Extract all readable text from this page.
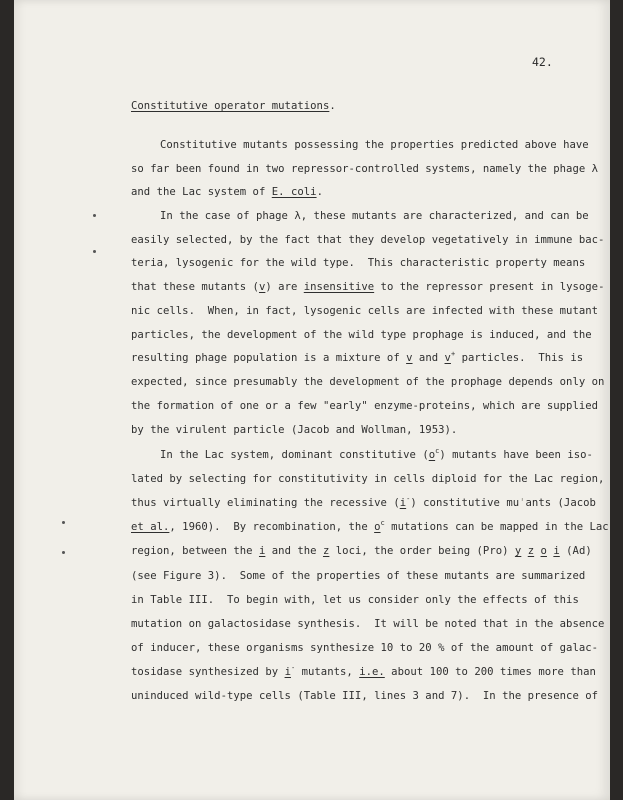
42.
Constitutive operator mutations.
Constitutive mutants possessing the properties predicted above have
so far been found in two repressor-controlled systems, namely the phage λ
and the Lac system of E. coli.
In the case of phage λ, these mutants are characterized, and can be
easily selected, by the fact that they develop vegetatively in immune bac-
teria, lysogenic for the wild type.  This characteristic property means
that these mutants (v) are insensitive to the repressor present in lysoge-
nic cells.  When, in fact, lysogenic cells are infected with these mutant
particles, the development of the wild type prophage is induced, and the
resulting phage population is a mixture of v and v+ particles.  This is
expected, since presumably the development of the prophage depends only on
the formation of one or a few "early" enzyme-proteins, which are supplied
by the virulent particle (Jacob and Wollman, 1953).
In the Lac system, dominant constitutive $(o^c)$ mutants have been iso-
lated by selecting for constitutivity in cells diploid for the Lac region,
thus virtually eliminating the recessive (i-) constitutive mu'ants (Jacob
et al., 1960).  By recombination, the $o^c$ mutations can be mapped in the Lac
region, between the i and the z loci, the order being (Pro) y z o i (Ad)
(see Figure 3).  Some of the properties of these mutants are summarized
in Table III.  To begin with, let us consider only the effects of this
mutation on galactosidase synthesis.  It will be noted that in the absence
of inducer, these organisms synthesize 10 to 20 % of the amount of galac-
tosidase synthesized by i- mutants, i.e. about 100 to 200 times more than
uninduced wild-type cells (Table III, lines 3 and 7).  In the presence of
